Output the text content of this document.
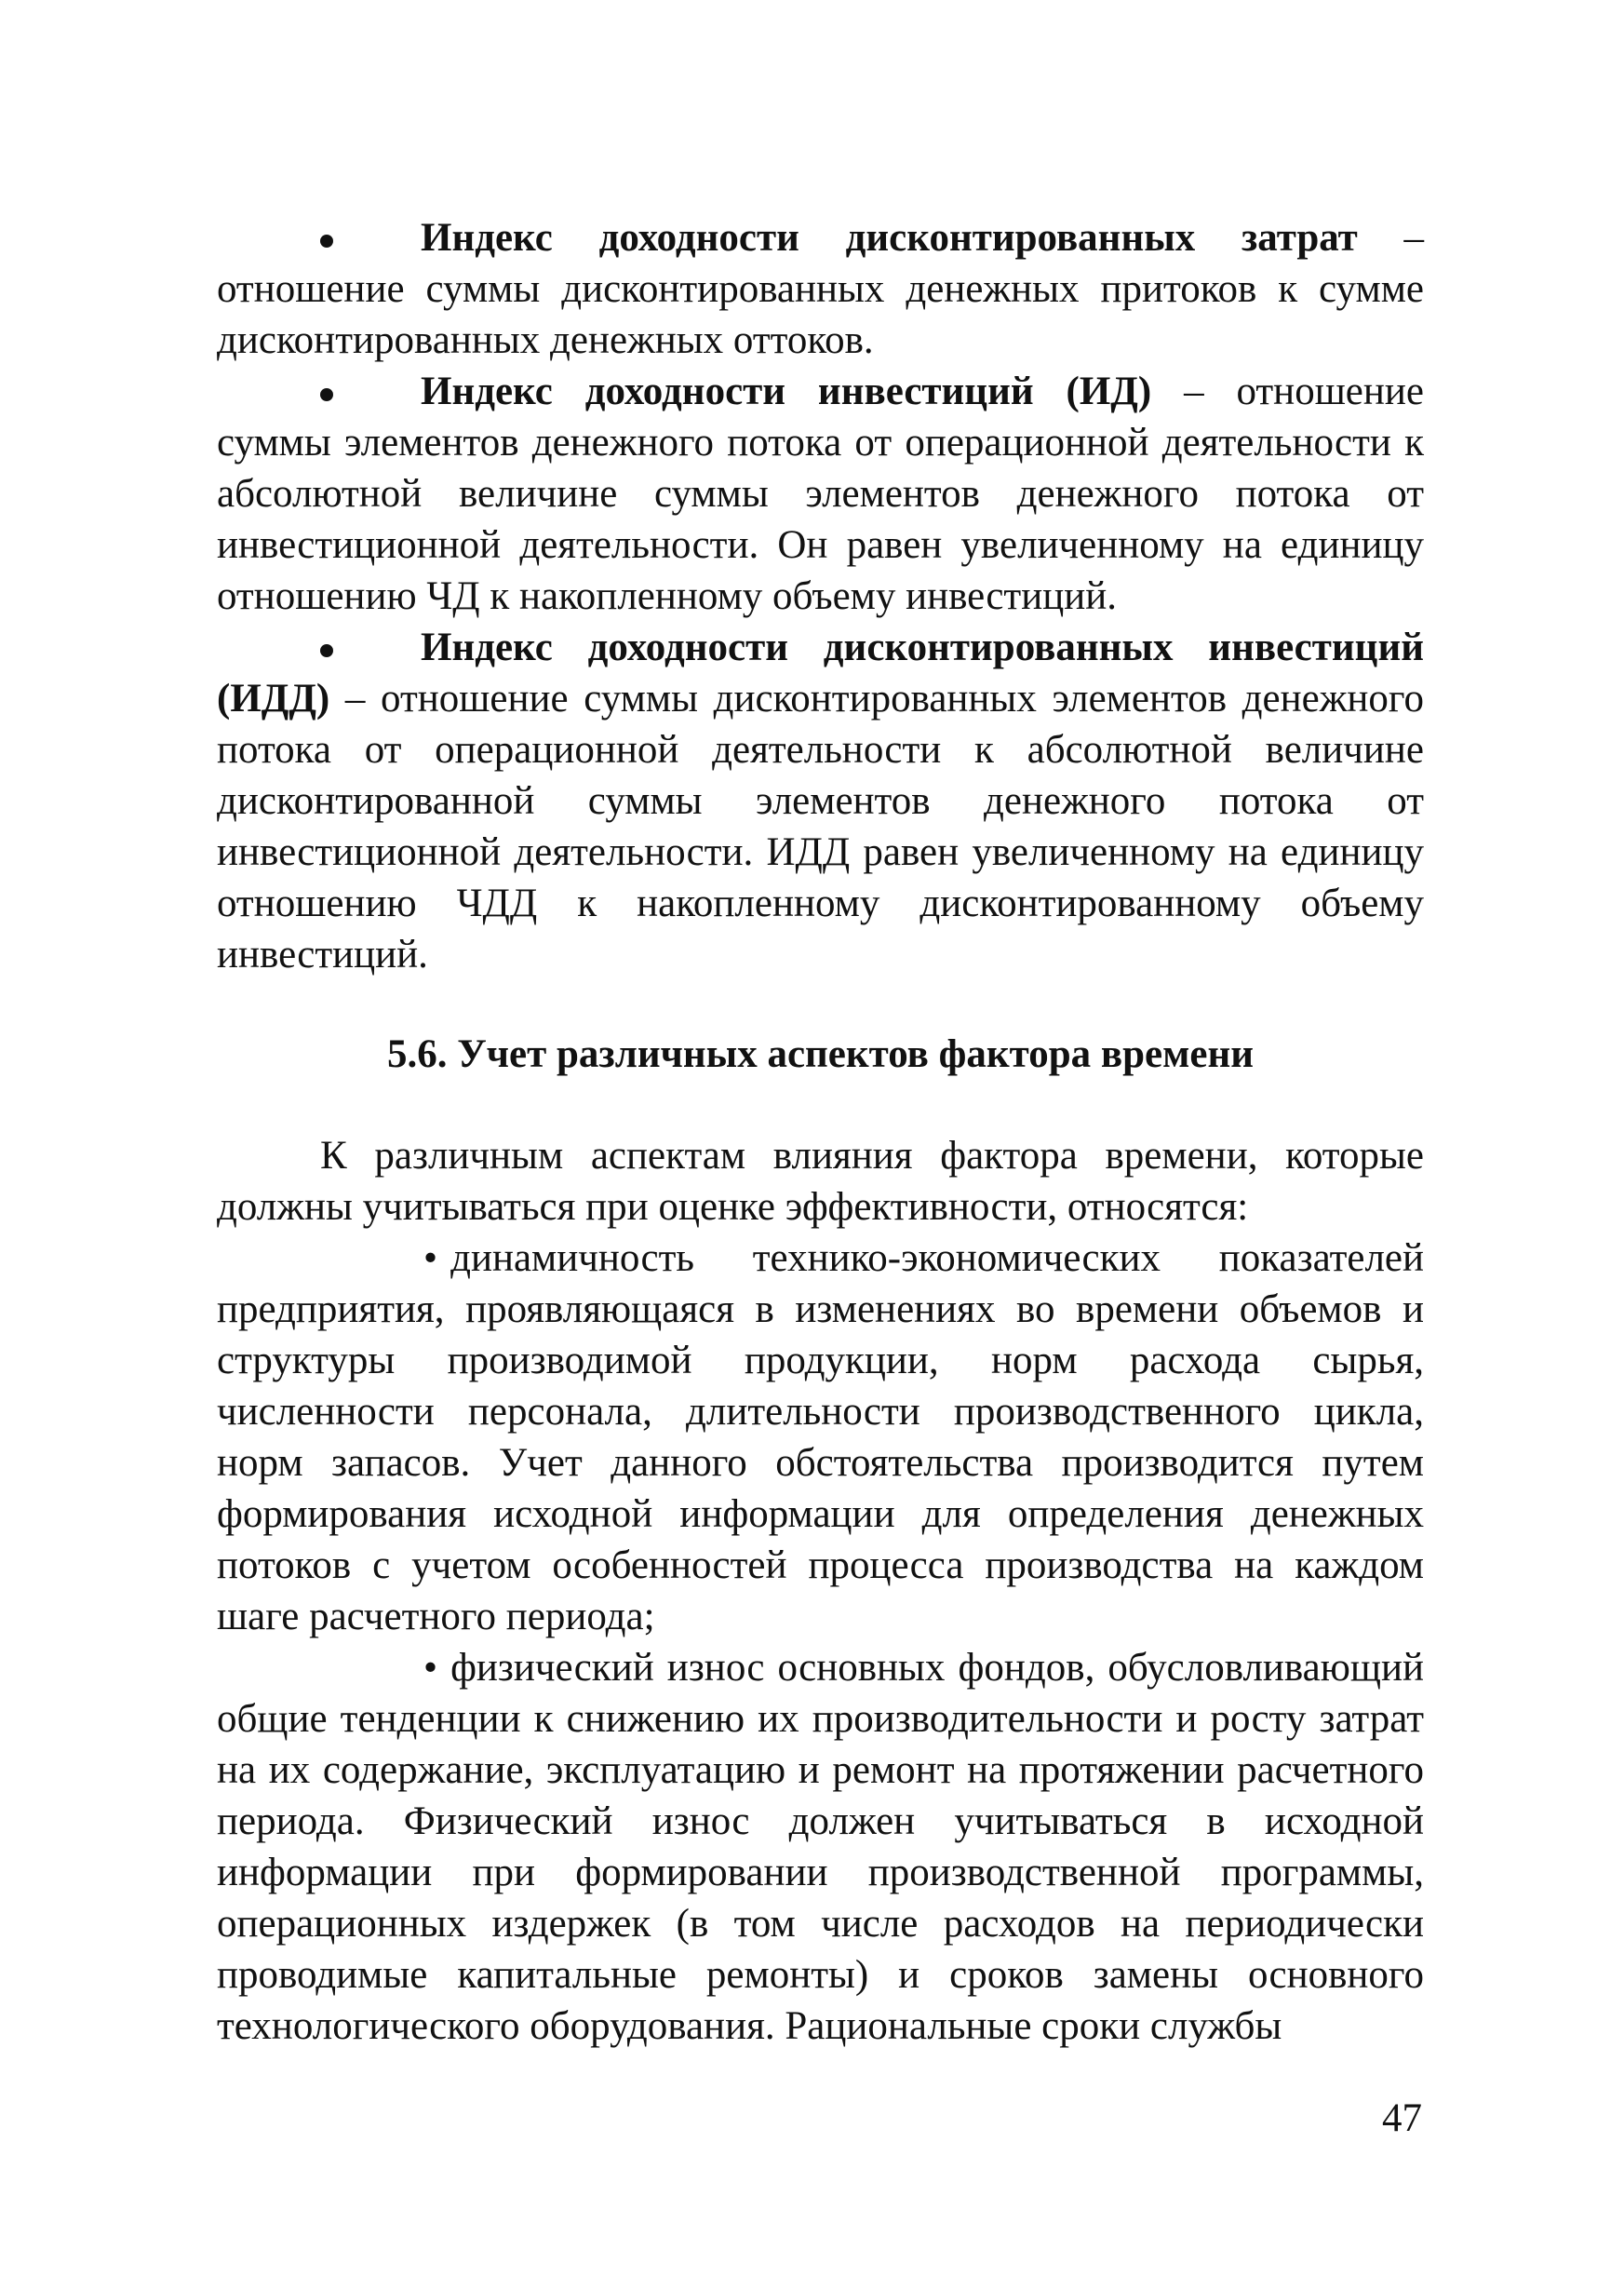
Индекс доходности дисконтированных затрат – отношение суммы дисконтированных денежных притоков к сумме дисконтированных денежных оттоков.

Индекс доходности инвестиций (ИД) – отношение суммы элементов денежного потока от операционной деятельности к абсолютной величине суммы элементов денежного потока от инвестиционной деятельности. Он равен увеличенному на единицу отношению ЧД к накопленному объему инвестиций.

Индекс доходности дисконтированных инвестиций (ИДД) – отношение суммы дисконтированных элементов денежного потока от операционной деятельности к абсолютной величине дисконтированной суммы элементов денежного потока от инвестиционной деятельности. ИДД равен увеличенному на единицу отношению ЧДД к накопленному дисконтированному объему инвестиций.

5.6. Учет различных аспектов фактора времени

К различным аспектам влияния фактора времени, которые должны учитываться при оценке эффективности, относятся:

• динамичность технико-экономических показателей предприятия, проявляющаяся в изменениях во времени объемов и структуры производимой продукции, норм расхода сырья, численности персонала, длительности производственного цикла, норм запасов. Учет данного обстоятельства производится путем формирования исходной информации для определения денежных потоков с учетом особенностей процесса производства на каждом шаге расчетного периода;

• физический износ основных фондов, обусловливающий общие тенденции к снижению их производительности и росту затрат на их содержание, эксплуатацию и ремонт на протяжении расчетного периода. Физический износ должен учитываться в исходной информации при формировании производственной программы, операционных издержек (в том числе расходов на периодически проводимые капитальные ремонты) и сроков замены основного технологического оборудования. Рациональные сроки службы

47
